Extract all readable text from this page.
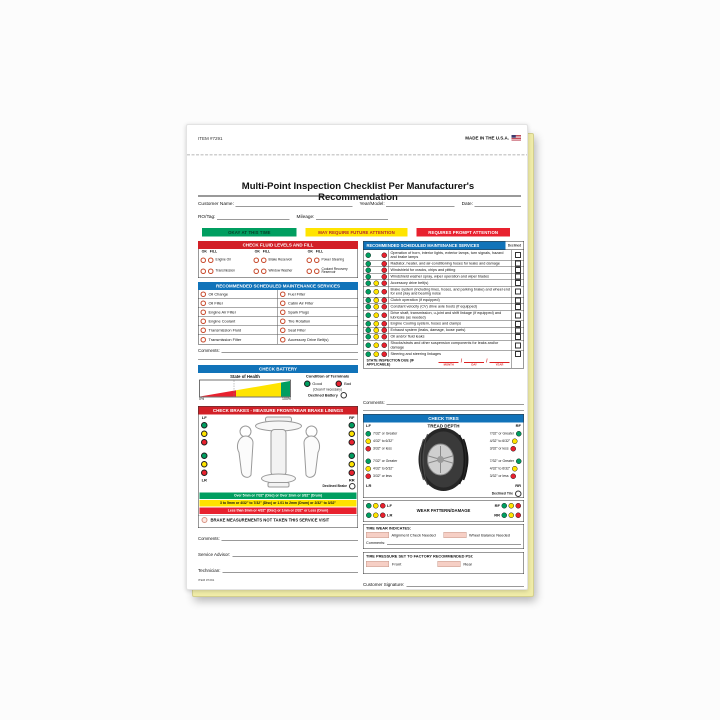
ITEM #7291	MADE IN THE U.S.A.
Multi-Point Inspection Checklist Per Manufacturer's Recommendation
Customer Name:	Year/Model:	Date:
RO/Tag:	Mileage:
OKAY AT THIS TIME	MAY REQUIRE FUTURE ATTENTION	REQUIRES PROMPT ATTENTION
CHECK FLUID LEVELS AND FILL
OK FILL
Engine Oil
Transmission
OK FILL
Brake Reservoir
Window Washer
OK FILL
Power Steering
Coolant Recovery Reservoir
RECOMMENDED SCHEDULED MAINTENANCE SERVICES
Oil Change	Fuel Filter
Oil Filter	Cabin Air Filter
Engine Air Filter	Spark Plugs
Engine Coolant	Tire Rotation
Transmission Fluid	Seat Filter
Transmission Filter	Accessory Drive Belt(s)
Comments:
CHECK BATTERY
State of Health
0%	100%
Condition of Terminals
Good	Bad
(Clean if necessary)
Declined Battery
CHECK BRAKES - MEASURE FRONT/REAR BRAKE LININGS
LF	RF
LR	RR
Declined Brake
Over 5mm or 7/32" (Disc) or Over 2mm or 3/32" (Drum)
3 to 5mm or 4/32" to 7/32" (Disc) or 1.01 to 2mm (Drum) or 2/32" to 3/32"
Less than 3mm or 4/32" (Disc) or 1mm or 2/32" or Less (Drum)
BRAKE MEASUREMENTS NOT TAKEN THIS SERVICE VISIT
Comments:
Service Advisor:
Technician:
ITEM #7291
RECOMMENDED SCHEDULED MAINTENANCE SERVICES	Declined
Operation of horn, interior lights, exterior lamps, turn signals, hazard and brake lamps
Radiator, heater, and air-conditioning hoses for leaks and damage
Windshield for cracks, chips and pitting
Windshield washer spray, wiper operation and wiper blades
Accessory drive belt(s)
Brake system (including lines, hoses, and parking brake) and wheel end for end play and bearing noise
Clutch operation (if equipped)
Constant velocity (CV) drive axle boots (if equipped)
Drive shaft, transmission, u-joint and shift linkage (if equipped) and lubricate (as needed)
Engine Cooling system, hoses and clamps
Exhaust system (leaks, damage, loose parts)
Oil and/or fluid leaks
Shocks/struts and other suspension components for leaks and/or damage
Steering and steering linkages
STATE INSPECTION DUE (IF APPLICABLE)	MONTH
/
DAY
/
YEAR
Comments:
CHECK TIRES
TREAD DEPTH
LF	RF
LR	RR
7/32" or Greater
4/32" to 6/32"
3/32" or less
7/32" or Greater
4/32" to 6/32"
3/32" or less
7/32" or Greater
4/32" to 6/32"
3/32" or less
7/32" or Greater
4/32" to 6/32"
3/32" or less
Declined Tire
WEAR PATTERN/DAMAGE
LF
LR
RF
RR
TIRE WEAR INDICATES:
Alignment Check Needed	Wheel Balance Needed
Comments:
TIRE PRESSURE SET TO FACTORY RECOMMENDED PSI:
Front	Rear
Customer Signature:
